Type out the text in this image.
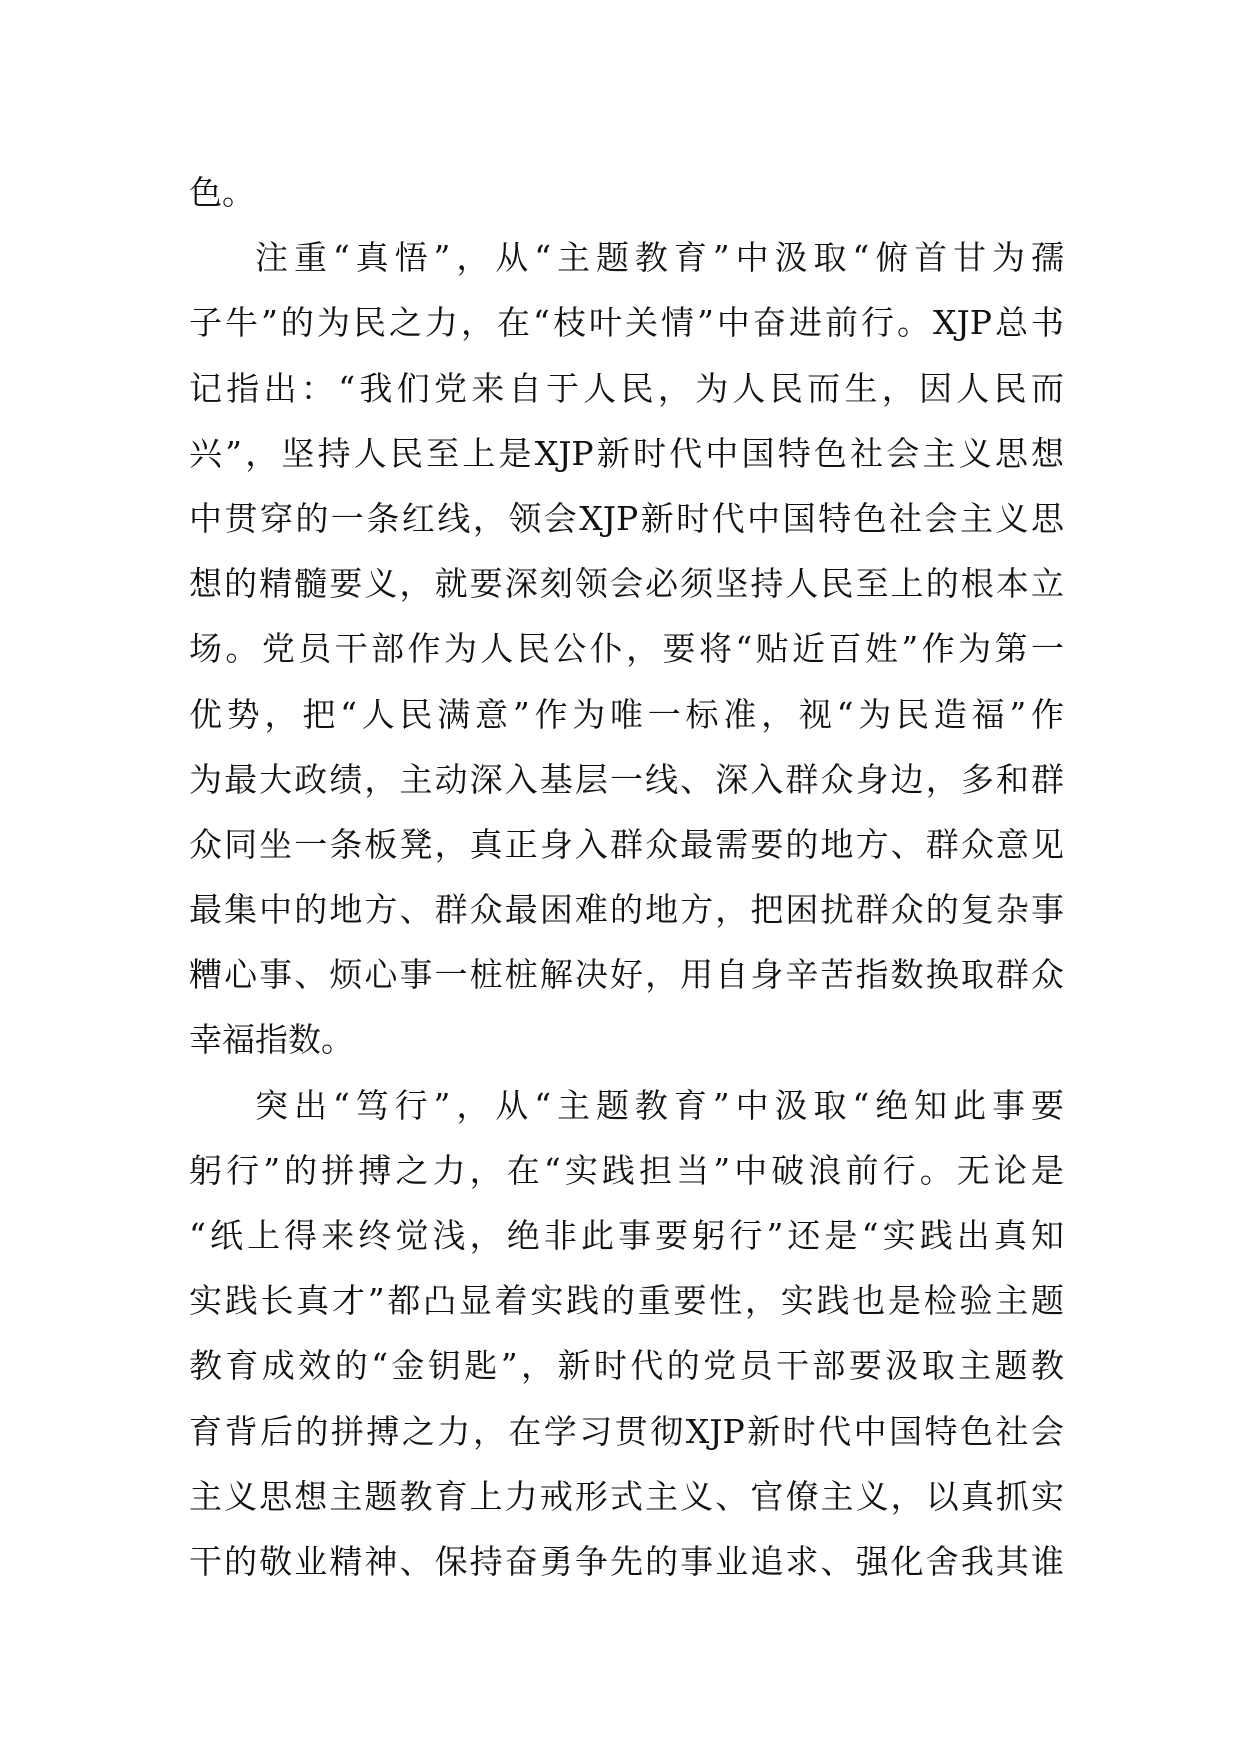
色。
注重“真悟”，从“主题教育”中汲取“俯首甘为孺
子牛”的为民之力，在“枝叶关情”中奋进前行。XJP总书
记指出：“我们党来自于人民，为人民而生，因人民而
兴”，坚持人民至上是XJP新时代中国特色社会主义思想
中贯穿的一条红线，领会XJP新时代中国特色社会主义思
想的精髓要义，就要深刻领会必须坚持人民至上的根本立
场。党员干部作为人民公仆，要将“贴近百姓”作为第一
优势，把“人民满意”作为唯一标准，视“为民造福”作
为最大政绩，主动深入基层一线、深入群众身边，多和群
众同坐一条板凳，真正身入群众最需要的地方、群众意见
最集中的地方、群众最困难的地方，把困扰群众的复杂事
糟心事、烦心事一桩桩解决好，用自身辛苦指数换取群众
幸福指数。
突出“笃行”，从“主题教育”中汲取“绝知此事要
躬行”的拼搏之力，在“实践担当”中破浪前行。无论是
“纸上得来终觉浅，绝非此事要躬行”还是“实践出真知
实践长真才”都凸显着实践的重要性，实践也是检验主题
教育成效的“金钥匙”，新时代的党员干部要汲取主题教
育背后的拼搏之力，在学习贯彻XJP新时代中国特色社会
主义思想主题教育上力戒形式主义、官僚主义，以真抓实
干的敬业精神、保持奋勇争先的事业追求、强化舍我其谁
